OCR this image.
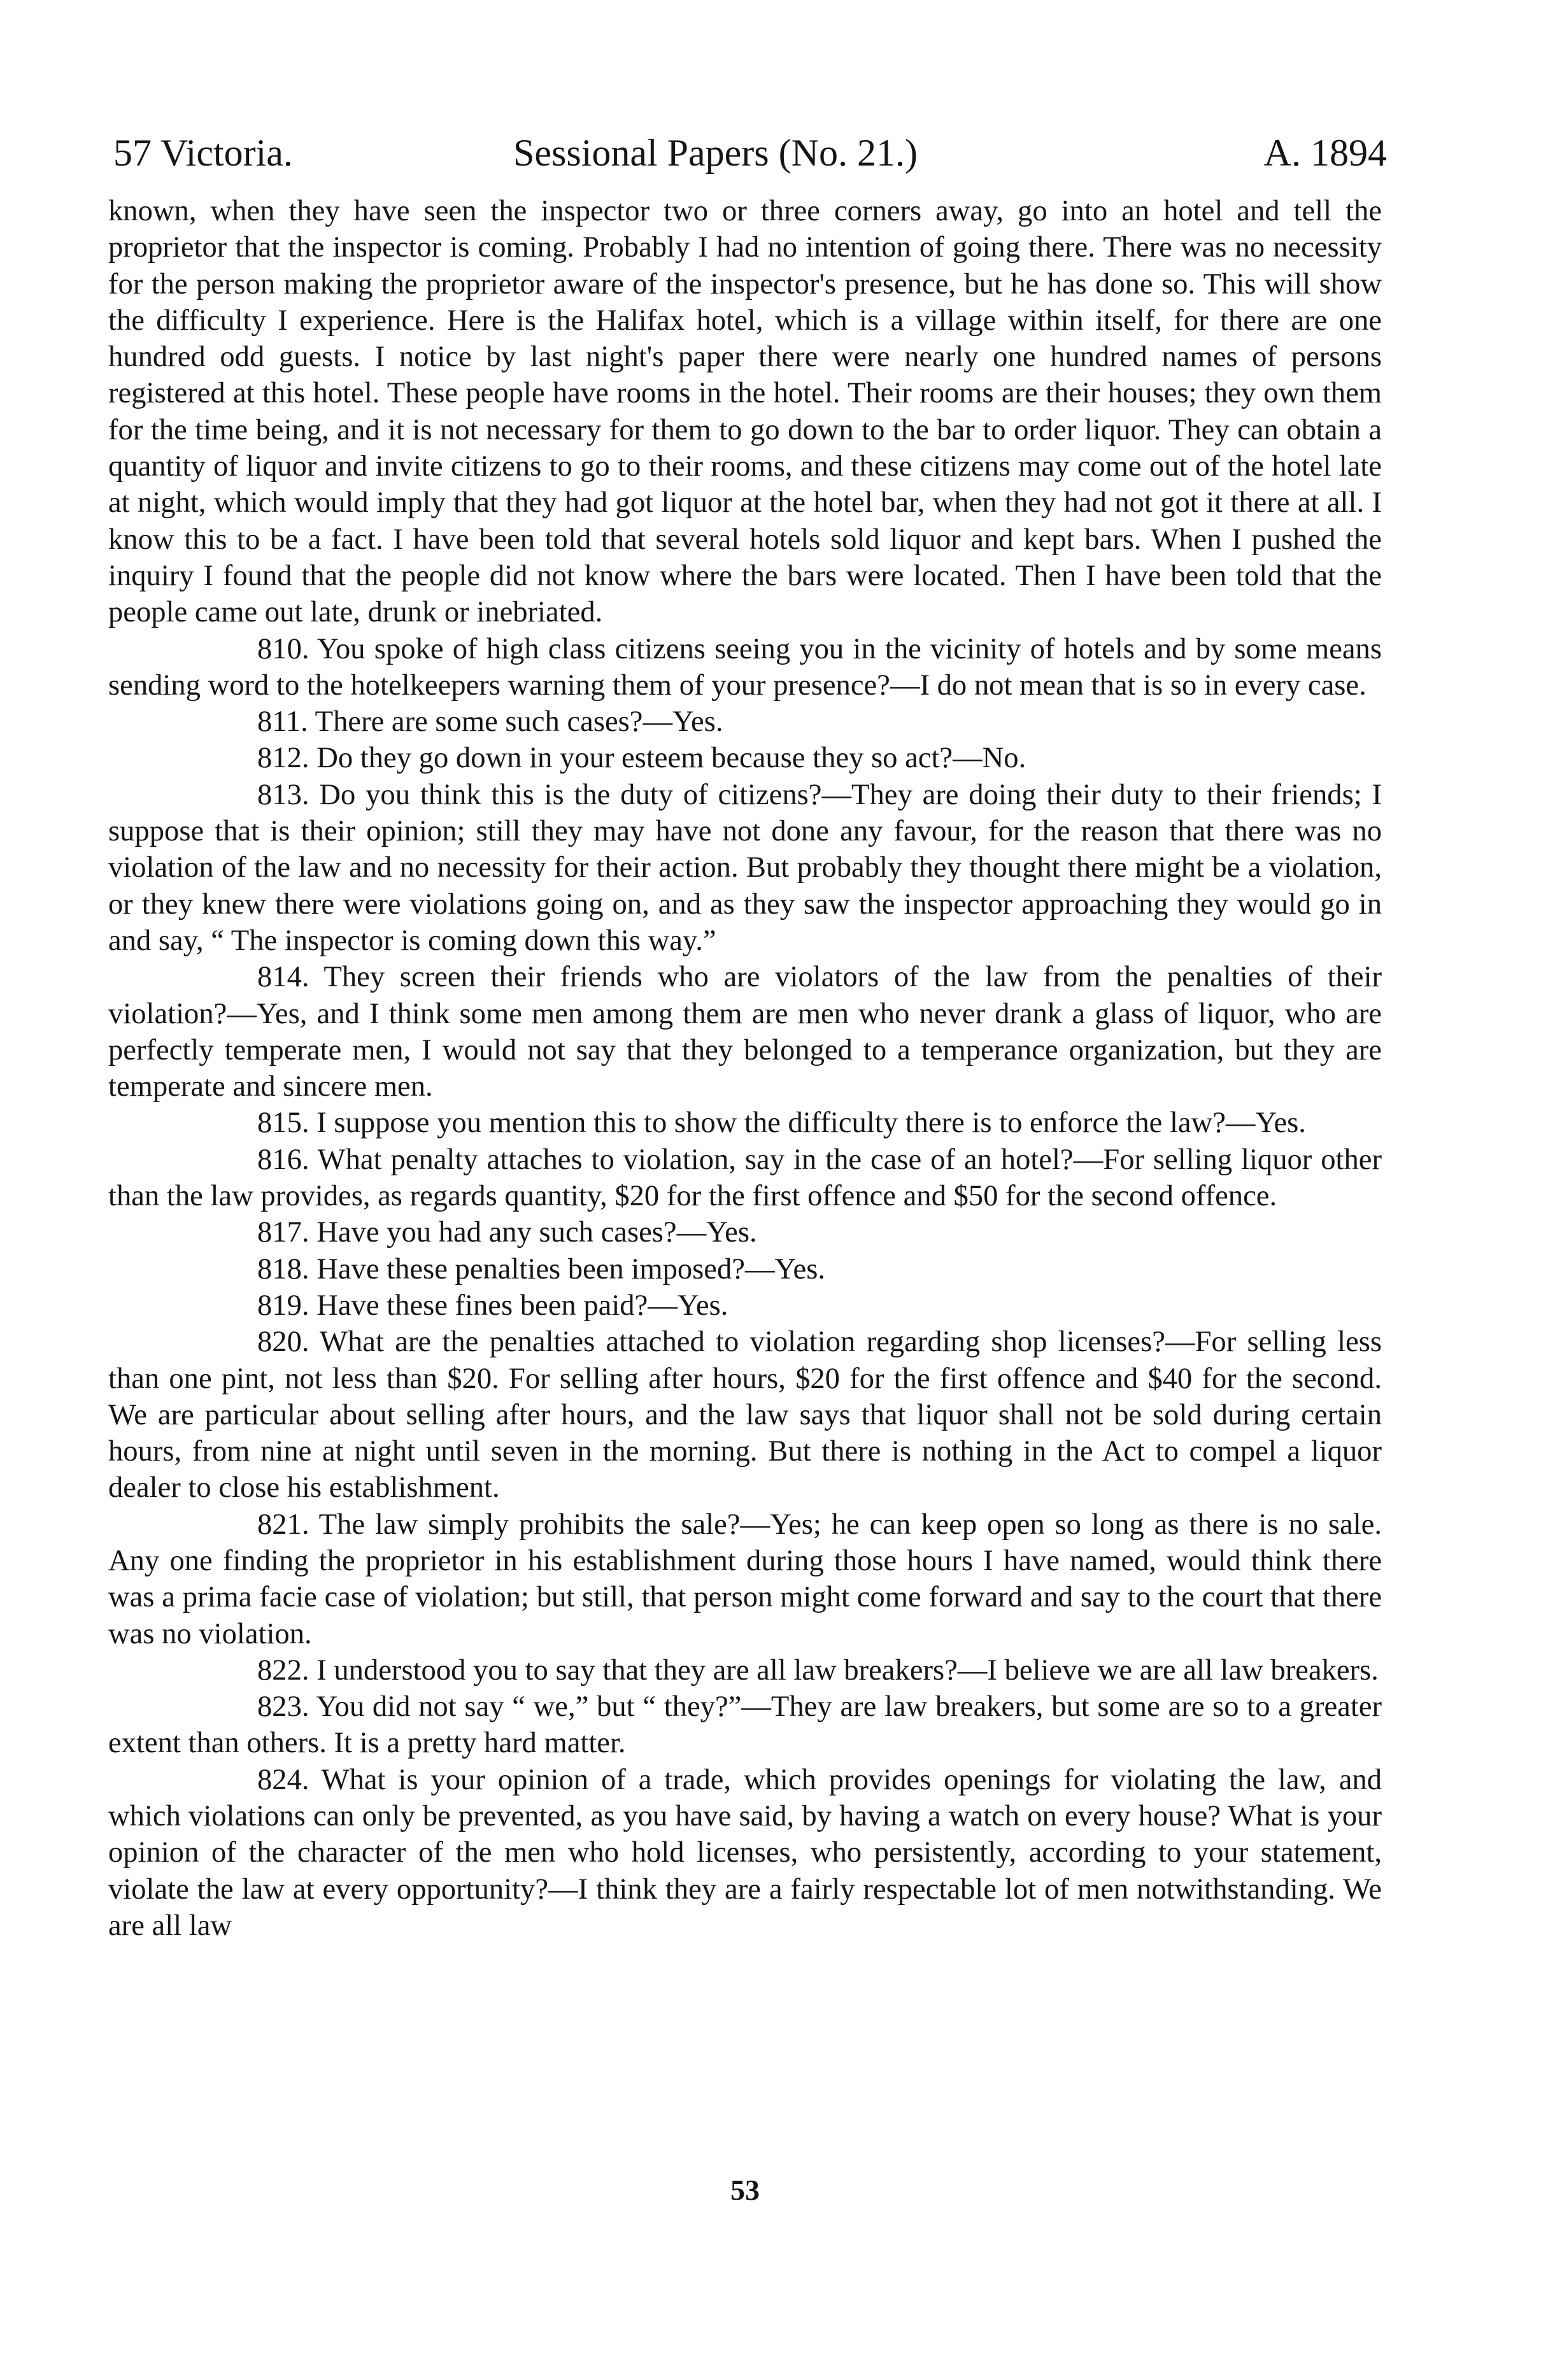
57 Victoria.	Sessional Papers (No. 21.)	A. 1894

known, when they have seen the inspector two or three corners away, go into an hotel and tell the proprietor that the inspector is coming. Probably I had no intention of going there. There was no necessity for the person making the proprietor aware of the inspector's presence, but he has done so. This will show the difficulty I experience. Here is the Halifax hotel, which is a village within itself, for there are one hundred odd guests. I notice by last night's paper there were nearly one hundred names of persons registered at this hotel. These people have rooms in the hotel. Their rooms are their houses; they own them for the time being, and it is not necessary for them to go down to the bar to order liquor. They can obtain a quantity of liquor and invite citizens to go to their rooms, and these citizens may come out of the hotel late at night, which would imply that they had got liquor at the hotel bar, when they had not got it there at all. I know this to be a fact. I have been told that several hotels sold liquor and kept bars. When I pushed the inquiry I found that the people did not know where the bars were located. Then I have been told that the people came out late, drunk or inebriated.

810. You spoke of high class citizens seeing you in the vicinity of hotels and by some means sending word to the hotelkeepers warning them of your presence?—I do not mean that is so in every case.

811. There are some such cases?—Yes.

812. Do they go down in your esteem because they so act?—No.

813. Do you think this is the duty of citizens?—They are doing their duty to their friends; I suppose that is their opinion; still they may have not done any favour, for the reason that there was no violation of the law and no necessity for their action. But probably they thought there might be a violation, or they knew there were violations going on, and as they saw the inspector approaching they would go in and say, “ The inspector is coming down this way.”

814. They screen their friends who are violators of the law from the penalties of their violation?—Yes, and I think some men among them are men who never drank a glass of liquor, who are perfectly temperate men, I would not say that they belonged to a temperance organization, but they are temperate and sincere men.

815. I suppose you mention this to show the difficulty there is to enforce the law?—Yes.

816. What penalty attaches to violation, say in the case of an hotel?—For selling liquor other than the law provides, as regards quantity, $20 for the first offence and $50 for the second offence.

817. Have you had any such cases?—Yes.

818. Have these penalties been imposed?—Yes.

819. Have these fines been paid?—Yes.

820. What are the penalties attached to violation regarding shop licenses?—For selling less than one pint, not less than $20. For selling after hours, $20 for the first offence and $40 for the second. We are particular about selling after hours, and the law says that liquor shall not be sold during certain hours, from nine at night until seven in the morning. But there is nothing in the Act to compel a liquor dealer to close his establishment.

821. The law simply prohibits the sale?—Yes; he can keep open so long as there is no sale. Any one finding the proprietor in his establishment during those hours I have named, would think there was a prima facie case of violation; but still, that person might come forward and say to the court that there was no violation.

822. I understood you to say that they are all law breakers?—I believe we are all law breakers.

823. You did not say “ we,” but “ they?”—They are law breakers, but some are so to a greater extent than others. It is a pretty hard matter.

824. What is your opinion of a trade, which provides openings for violating the law, and which violations can only be prevented, as you have said, by having a watch on every house? What is your opinion of the character of the men who hold licenses, who persistently, according to your statement, violate the law at every opportunity?—I think they are a fairly respectable lot of men notwithstanding. We are all law

53
